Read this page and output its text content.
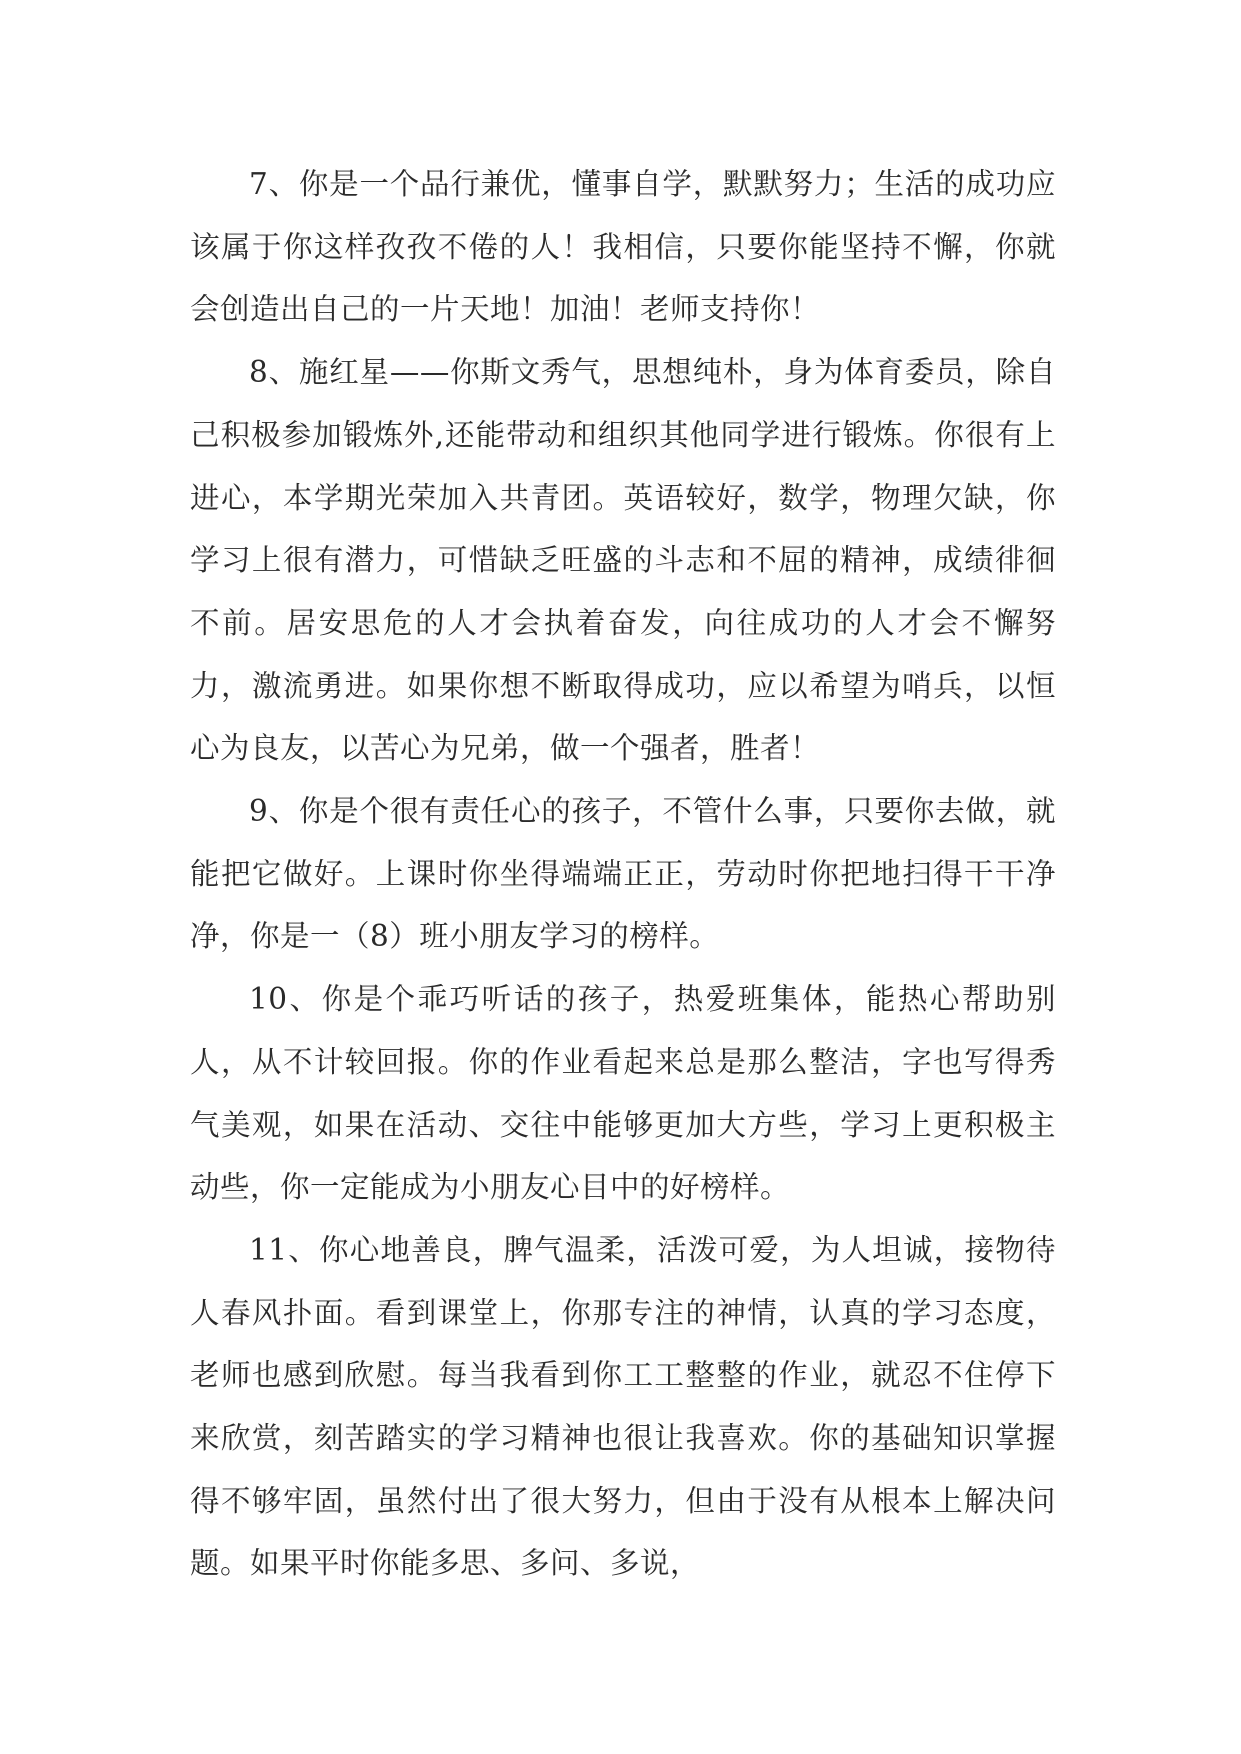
7、你是一个品行兼优，懂事自学，默默努力；生活的成功应该属于你这样孜孜不倦的人！我相信，只要你能坚持不懈，你就会创造出自己的一片天地！加油！老师支持你！

8、施红星——你斯文秀气，思想纯朴，身为体育委员，除自己积极参加锻炼外,还能带动和组织其他同学进行锻炼。你很有上进心，本学期光荣加入共青团。英语较好，数学，物理欠缺，你学习上很有潜力，可惜缺乏旺盛的斗志和不屈的精神，成绩徘徊不前。居安思危的人才会执着奋发，向往成功的人才会不懈努力，激流勇进。如果你想不断取得成功，应以希望为哨兵，以恒心为良友，以苦心为兄弟，做一个强者，胜者！

9、你是个很有责任心的孩子，不管什么事，只要你去做，就能把它做好。上课时你坐得端端正正，劳动时你把地扫得干干净净，你是一（8）班小朋友学习的榜样。

10、你是个乖巧听话的孩子，热爱班集体，能热心帮助别人，从不计较回报。你的作业看起来总是那么整洁，字也写得秀气美观，如果在活动、交往中能够更加大方些，学习上更积极主动些，你一定能成为小朋友心目中的好榜样。

11、你心地善良，脾气温柔，活泼可爱，为人坦诚，接物待人春风扑面。看到课堂上，你那专注的神情，认真的学习态度，老师也感到欣慰。每当我看到你工工整整的作业，就忍不住停下来欣赏，刻苦踏实的学习精神也很让我喜欢。你的基础知识掌握得不够牢固，虽然付出了很大努力，但由于没有从根本上解决问题。如果平时你能多思、多问、多说，
